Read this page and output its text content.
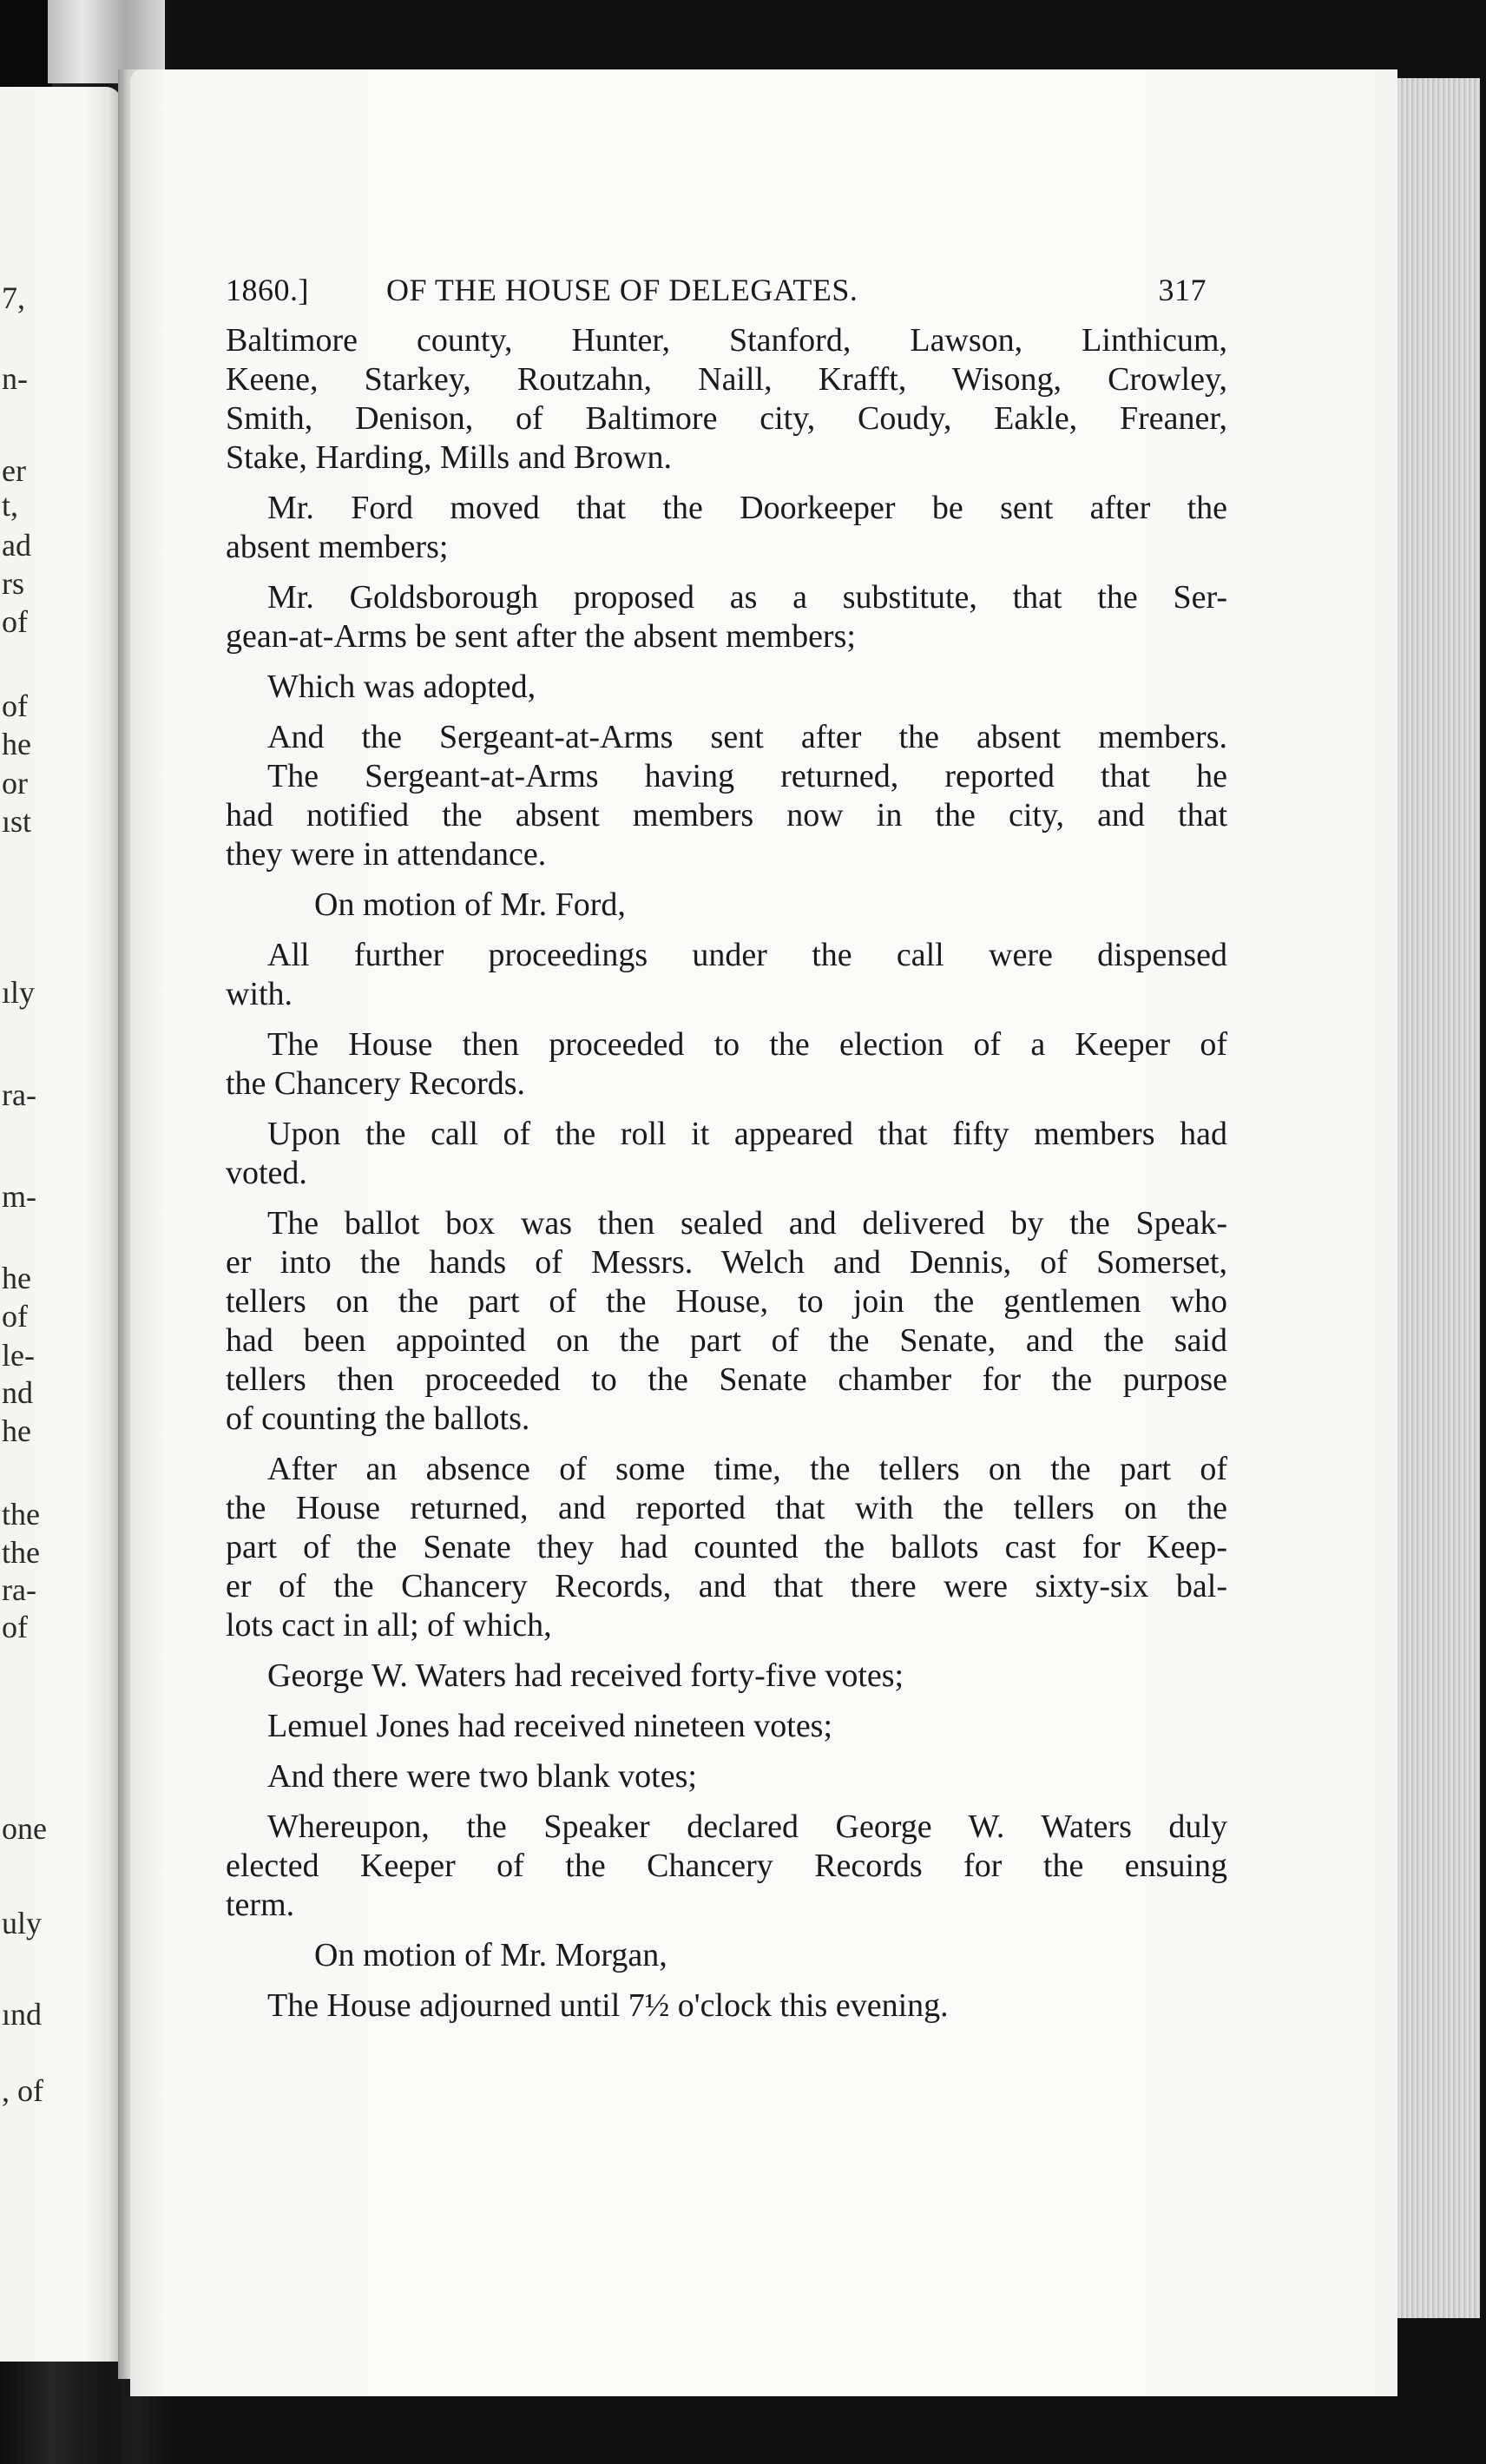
7,
n-
er
t,
ad
rs
of
of
he
or
ıst
ıly
ra-
m-
he
of
le-
nd
he
the
the
ra-
of
one
uly
ınd
, of
1860.] OF THE HOUSE OF DELEGATES.	317
Baltimore county, Hunter, Stanford, Lawson, Linthicum,
Keene, Starkey, Routzahn, Naill, Krafft, Wisong, Crowley,
Smith, Denison, of Baltimore city, Coudy, Eakle, Freaner,
Stake, Harding, Mills and Brown.
Mr. Ford moved that the Doorkeeper be sent after the
absent members;
Mr. Goldsborough proposed as a substitute, that the Ser-
gean-at-Arms be sent after the absent members;
Which was adopted,
And the Sergeant-at-Arms sent after the absent members.
The Sergeant-at-Arms having returned, reported that he
had notified the absent members now in the city, and that
they were in attendance.
On motion of Mr. Ford,
All further proceedings under the call were dispensed
with.
The House then proceeded to the election of a Keeper of
the Chancery Records.
Upon the call of the roll it appeared that fifty members had
voted.
The ballot box was then sealed and delivered by the Speak-
er into the hands of Messrs. Welch and Dennis, of Somerset,
tellers on the part of the House, to join the gentlemen who
had been appointed on the part of the Senate, and the said
tellers then proceeded to the Senate chamber for the purpose
of counting the ballots.
After an absence of some time, the tellers on the part of
the House returned, and reported that with the tellers on the
part of the Senate they had counted the ballots cast for Keep-
er of the Chancery Records, and that there were sixty-six bal-
lots cact in all; of which,
George W. Waters had received forty-five votes;
Lemuel Jones had received nineteen votes;
And there were two blank votes;
Whereupon, the Speaker declared George W. Waters duly
elected Keeper of the Chancery Records for the ensuing
term.
On motion of Mr. Morgan,
The House adjourned until 7½ o'clock this evening.
